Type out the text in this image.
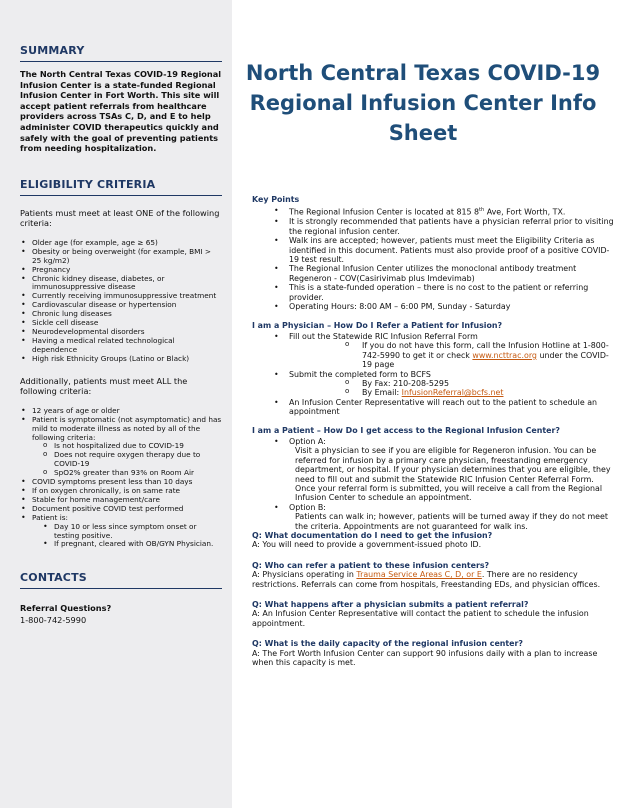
SUMMARY

The North Central Texas COVID-19 Regional Infusion Center is a state-funded Regional Infusion Center in Fort Worth. This site will accept patient referrals from healthcare providers across TSAs C, D, and E to help administer COVID therapeutics quickly and safely with the goal of preventing patients from needing hospitalization.

ELIGIBILITY CRITERIA

Patients must meet at least ONE of the following criteria:

• Older age (for example, age ≥ 65)
• Obesity or being overweight (for example, BMI > 25 kg/m2)
• Pregnancy
• Chronic kidney disease, diabetes, or immunosuppressive disease
• Currently receiving immunosuppressive treatment
• Cardiovascular disease or hypertension
• Chronic lung diseases
• Sickle cell disease
• Neurodevelopmental disorders
• Having a medical related technological dependence
• High risk Ethnicity Groups (Latino or Black)

Additionally, patients must meet ALL the following criteria:

• 12 years of age or older
• Patient is symptomatic (not asymptomatic) and has mild to moderate illness as noted by all of the following criteria:
o Is not hospitalized due to COVID-19
o Does not require oxygen therapy due to COVID-19
o SpO2% greater than 93% on Room Air
• COVID symptoms present less than 10 days
• If on oxygen chronically, is on same rate
• Stable for home management/care
• Document positive COVID test performed
• Patient is:
• Day 10 or less since symptom onset or testing positive.
• If pregnant, cleared with OB/GYN Physician.
CONTACTS
Referral Questions?
1-800-742-5990
North Central Texas COVID-19 Regional Infusion Center Info Sheet
Key Points
• The Regional Infusion Center is located at 815 8th Ave, Fort Worth, TX.
• It is strongly recommended that patients have a physician referral prior to visiting the regional infusion center.
• Walk ins are accepted; however, patients must meet the Eligibility Criteria as identified in this document. Patients must also provide proof of a positive COVID-19 test result.
• The Regional Infusion Center utilizes the monoclonal antibody treatment Regeneron - COV(Casirivimab plus Imdevimab)
• This is a state-funded operation – there is no cost to the patient or referring provider.
• Operating Hours: 8:00 AM – 6:00 PM, Sunday - Saturday
I am a Physician – How Do I Refer a Patient for Infusion?
• Fill out the Statewide RIC Infusion Referral Form
o If you do not have this form, call the Infusion Hotline at 1-800-742-5990 to get it or check www.ncttrac.org under the COVID-19 page
• Submit the completed form to BCFS
o By Fax: 210-208-5295
o By Email: InfusionReferral@bcfs.net
• An Infusion Center Representative will reach out to the patient to schedule an appointment
I am a Patient – How Do I get access to the Regional Infusion Center?
• Option A:
Visit a physician to see if you are eligible for Regeneron infusion. You can be referred for infusion by a primary care physician, freestanding emergency department, or hospital. If your physician determines that you are eligible, they need to fill out and submit the Statewide RIC Infusion Center Referral Form. Once your referral form is submitted, you will receive a call from the Regional Infusion Center to schedule an appointment.
• Option B:
Patients can walk in; however, patients will be turned away if they do not meet the criteria. Appointments are not guaranteed for walk ins.
Q: What documentation do I need to get the infusion?
A: You will need to provide a government-issued photo ID.
Q: Who can refer a patient to these infusion centers?
A: Physicians operating in Trauma Service Areas C, D, or E. There are no residency restrictions. Referrals can come from hospitals, Freestanding EDs, and physician offices.
Q: What happens after a physician submits a patient referral?
A: An Infusion Center Representative will contact the patient to schedule the infusion appointment.
Q: What is the daily capacity of the regional infusion center?
A: The Fort Worth Infusion Center can support 90 infusions daily with a plan to increase when this capacity is met.
